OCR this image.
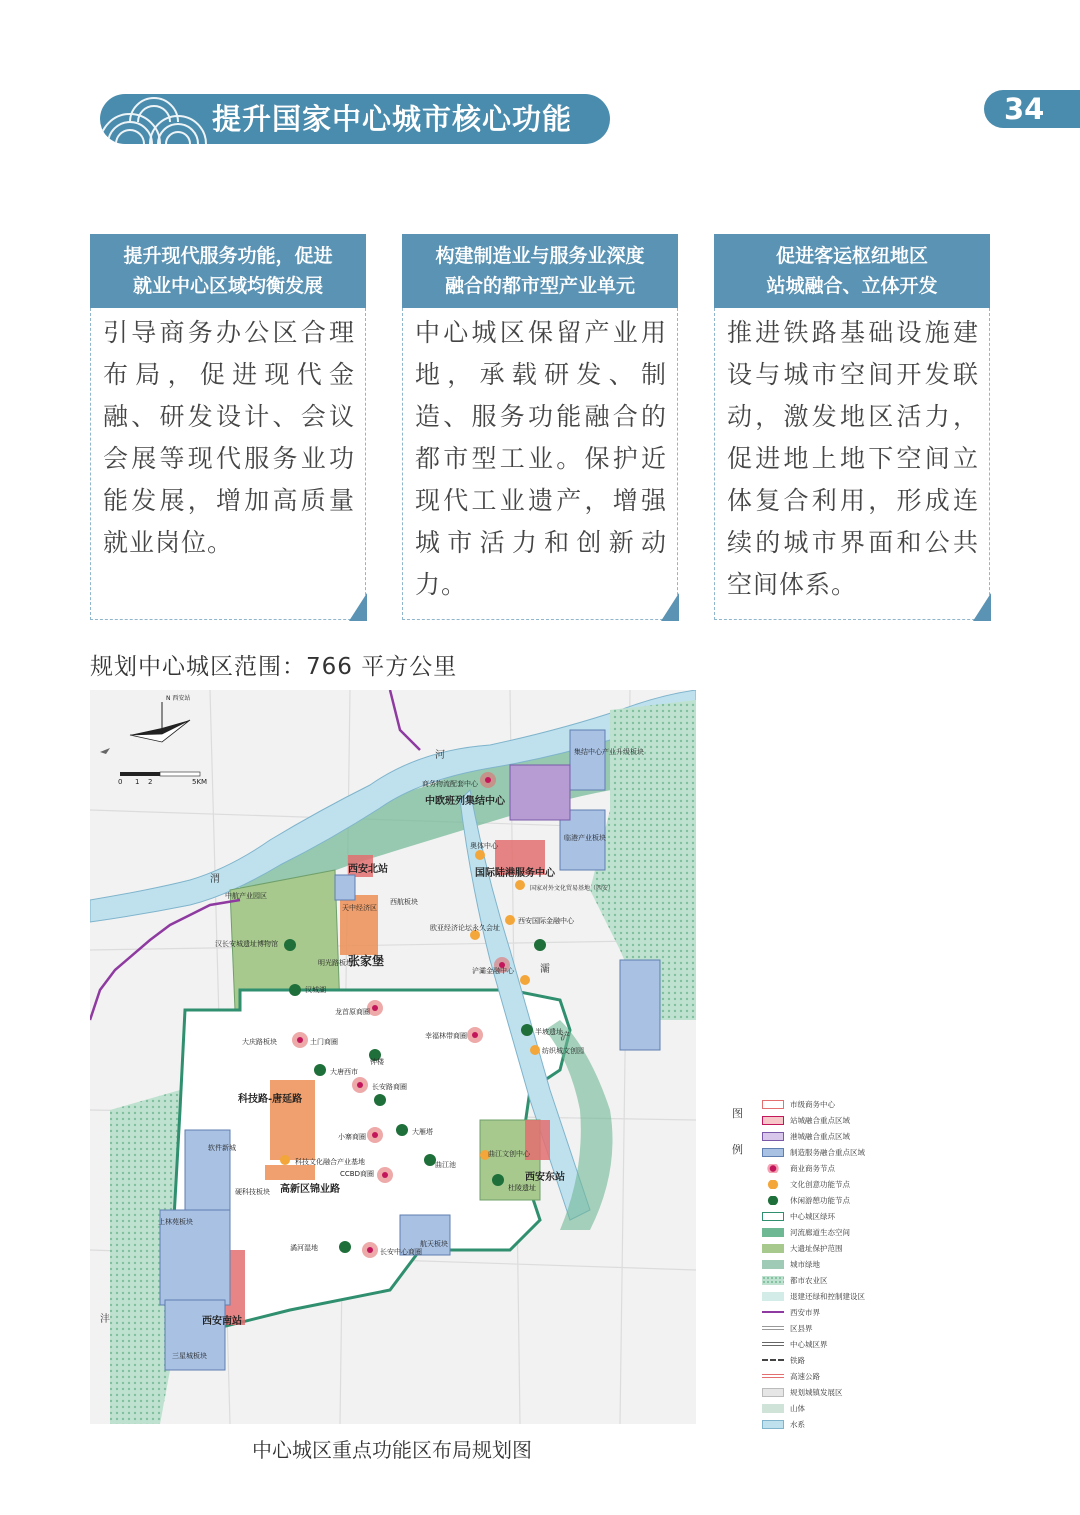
提升国家中心城市核心功能	34
提升现代服务功能，促进
就业中心区域均衡发展
引导商务办公区合理布局，促进现代金融、研发设计、会议会展等现代服务业功能发展，增加高质量就业岗位。
构建制造业与服务业深度
融合的都市型产业单元
中心城区保留产业用地，承载研发、制造、服务功能融合的都市型工业。保护近现代工业遗产，增强城市活力和创新动力。
促进客运枢纽地区
站城融合、立体开发
推进铁路基础设施建设与城市空间开发联动，激发地区活力，促进地上地下空间立体复合利用，形成连续的城市界面和公共空间体系。
规划中心城区范围：766 平方公里
5KM
0 1 2
N 西安站
中欧班列集结中心
国际陆港服务中心
西安北站
张家堡
科技路-唐延路
高新区锦业路
西安南站
西安东站
龙首原商圈
土门商圈
大唐西市
钟楼
长安路商圈
小寨商圈
大雁塔
CCBD商圈
曲江池
长安中心商圈
商务物流配套中心
集结中心产业升级板块
临港产业板块
奥体中心
国家对外文化贸易基地（西安）
西安国际金融中心
欧亚经济论坛永久会址
汉长安城遗址博物馆
明光路板块
汉城湖
浐灞金融中心
半坡遗址
幸福林带商圈
纺织城文创园
软件新城
硬科技板块
上林苑板块
三星城板块
航天板块
曲江文创中心
杜陵遗址
科技文化融合产业基地
潏河湿地
大庆路板块
西航板块
中航产业园区
天中经济区
渭
河
灞
沣
浐
中心城区重点功能区布局规划图
图
例
市级商务中心
站城融合重点区域
港城融合重点区域
制造服务融合重点区域
商业商务节点
文化创意功能节点
休闲游憩功能节点
中心城区绿环
河流廊道生态空间
大遗址保护范围
城市绿地
都市农业区
退建还绿和控制建设区
西安市界
区县界
中心城区界
铁路
高速公路
规划城镇发展区
山体
水系
